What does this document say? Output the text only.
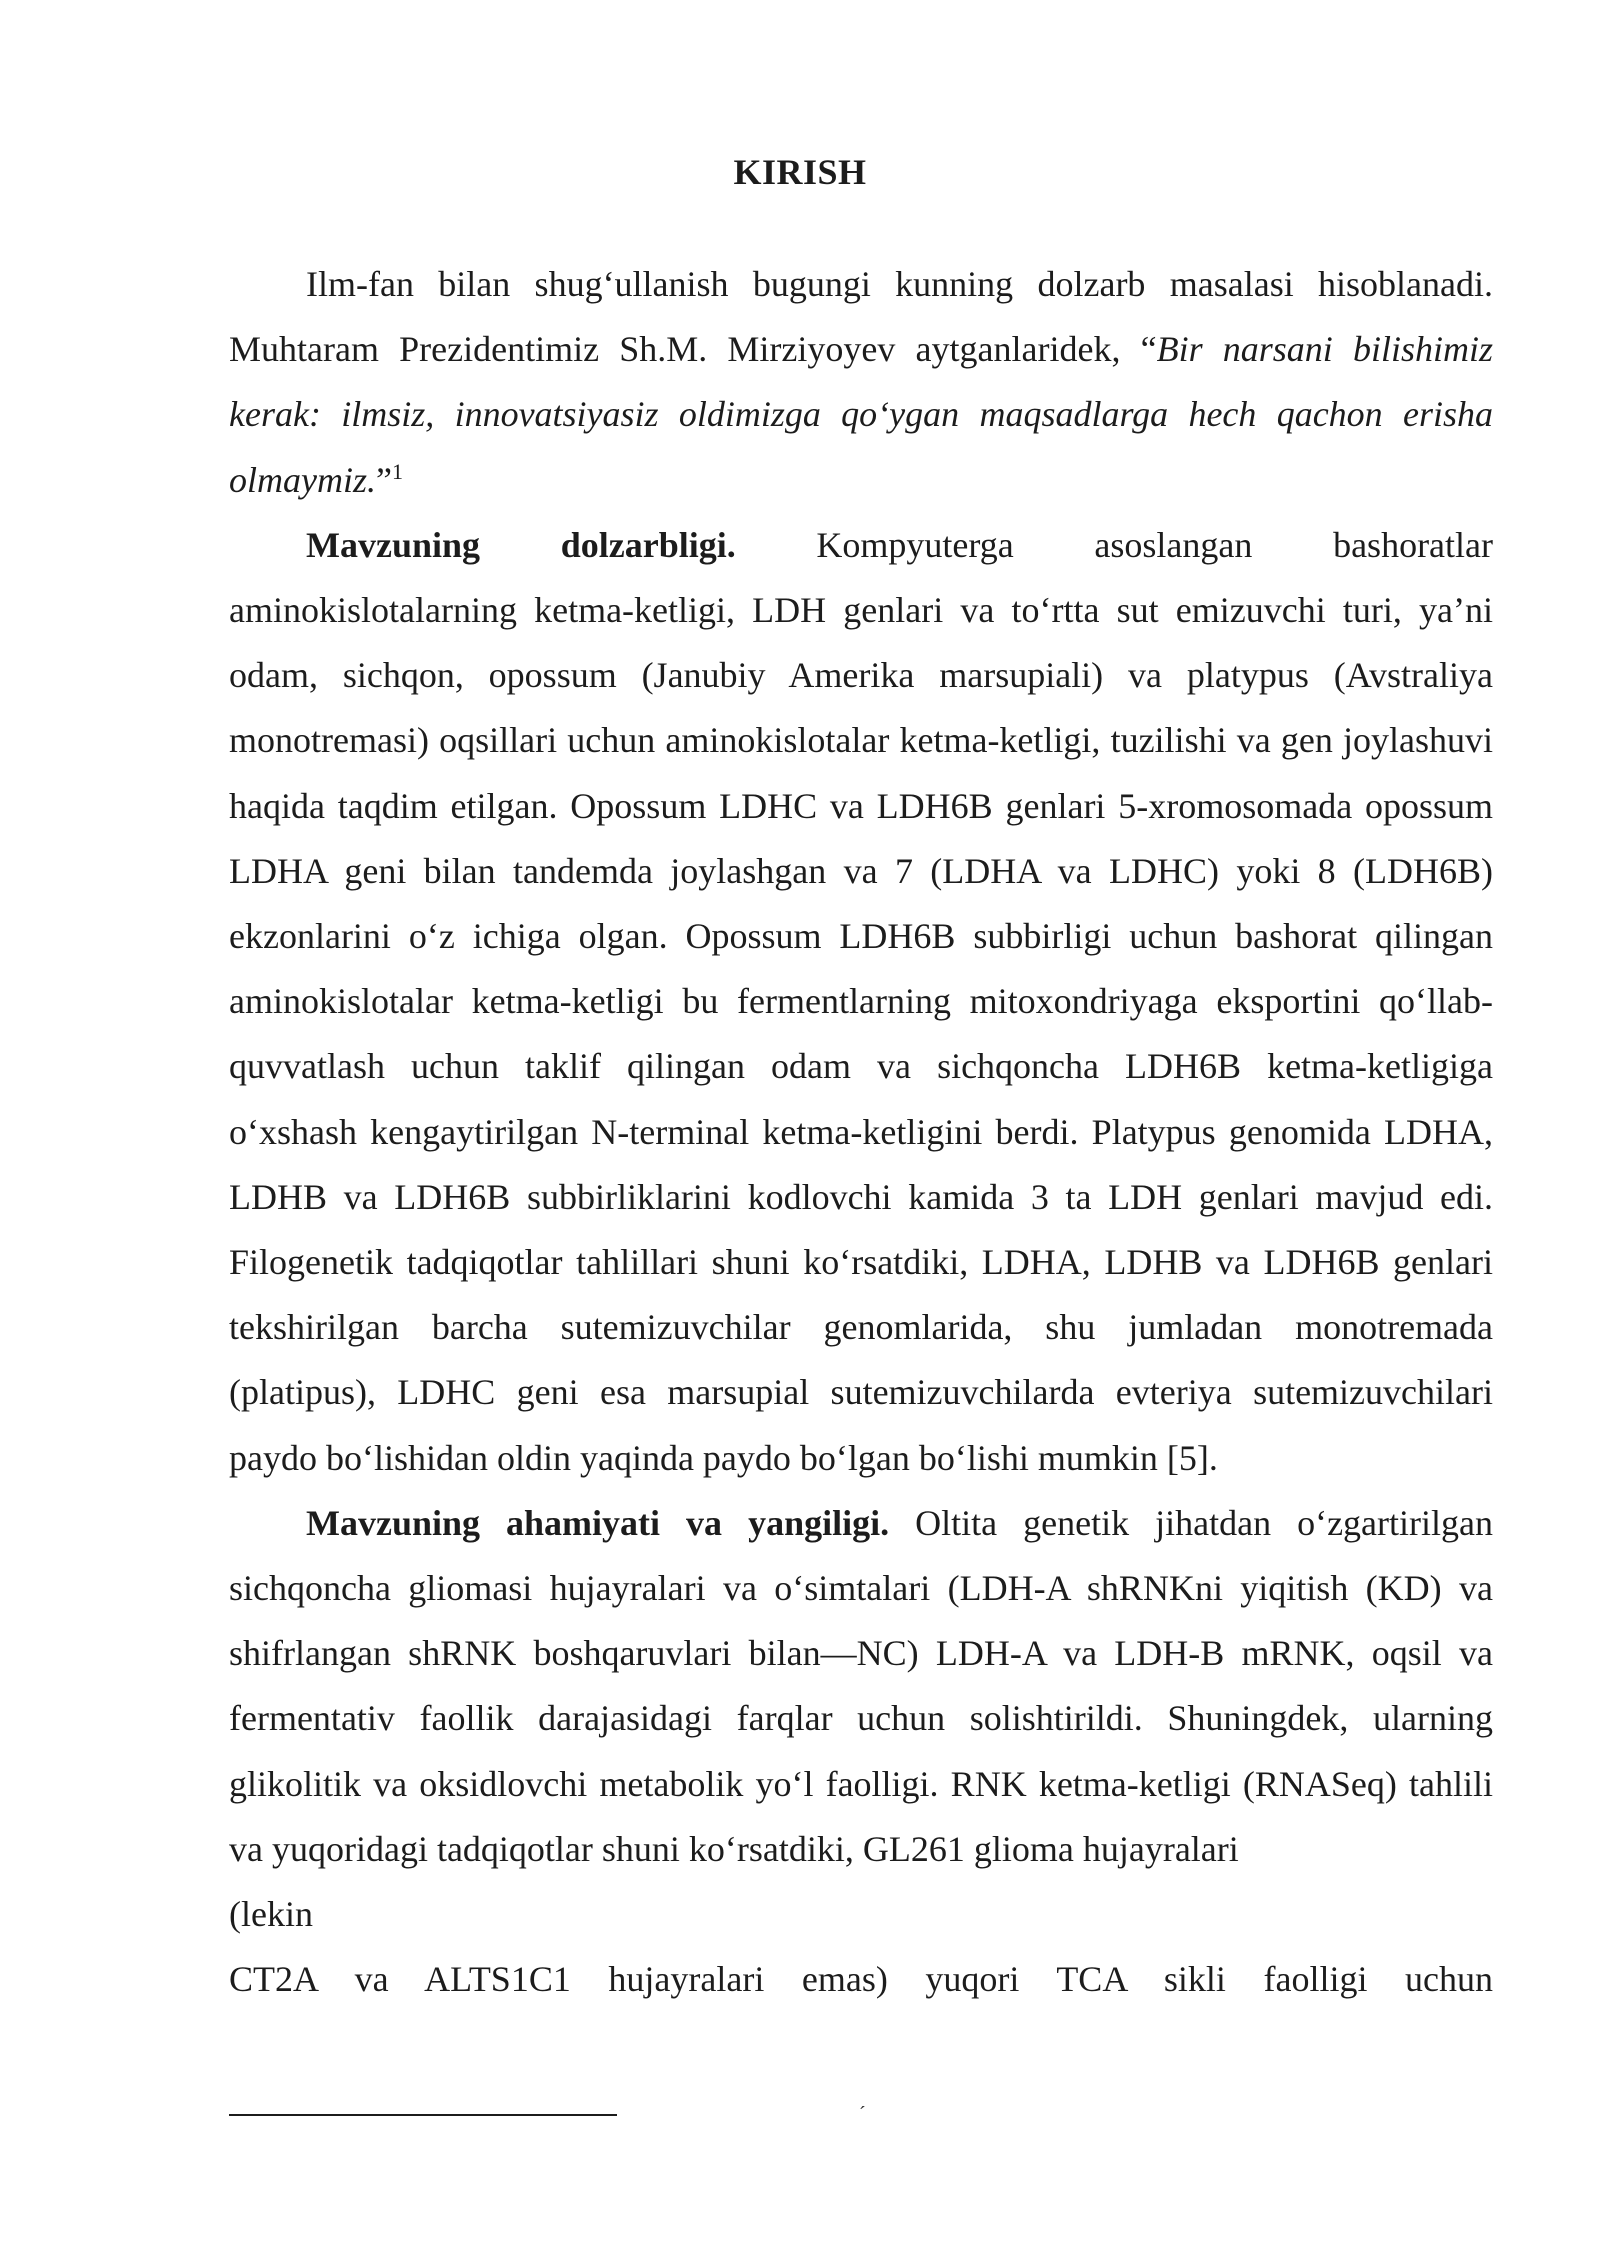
KIRISH

Ilm-fan bilan shug‘ullanish bugungi kunning dolzarb masalasi hisoblanadi. Muhtaram Prezidentimiz Sh.M. Mirziyoyev aytganlaridek, “Bir narsani bilishimiz kerak: ilmsiz, innovatsiyasiz oldimizga qo‘ygan maqsadlarga hech qachon erisha olmaymiz.”$^1$

Mavzuning dolzarbligi. Kompyuterga asoslangan bashoratlar aminokislotalarning ketma-ketligi, LDH genlari va to‘rtta sut emizuvchi turi, ya’ni odam, sichqon, opossum (Janubiy Amerika marsupiali) va platypus (Avstraliya monotremasi) oqsillari uchun aminokislotalar ketma-ketligi, tuzilishi va gen joylashuvi haqida taqdim etilgan. Opossum LDHC va LDH6B genlari 5-xromosomada opossum LDHA geni bilan tandemda joylashgan va 7 (LDHA va LDHC) yoki 8 (LDH6B) ekzonlarini o‘z ichiga olgan. Opossum LDH6B subbirligi uchun bashorat qilingan aminokislotalar ketma-ketligi bu fermentlarning mitoxondriyaga eksportini qo‘llab-quvvatlash uchun taklif qilingan odam va sichqoncha LDH6B ketma-ketligiga o‘xshash kengaytirilgan N-terminal ketma-ketligini berdi. Platypus genomida LDHA, LDHB va LDH6B subbirliklarini kodlovchi kamida 3 ta LDH genlari mavjud edi. Filogenetik tadqiqotlar tahlillari shuni ko‘rsatdiki, LDHA, LDHB va LDH6B genlari tekshirilgan barcha sutemizuvchilar genomlarida, shu jumladan monotremada (platipus), LDHC geni esa marsupial sutemizuvchilarda evteriya sutemizuvchilari paydo bo‘lishidan oldin yaqinda paydo bo‘lgan bo‘lishi mumkin [5].

Mavzuning ahamiyati va yangiligi. Oltita genetik jihatdan o‘zgartirilgan sichqoncha gliomasi hujayralari va o‘simtalari (LDH-A shRNKni yiqitish (KD) va shifrlangan shRNK boshqaruvlari bilan—NC) LDH-A va LDH-B mRNK, oqsil va fermentativ faollik darajasidagi farqlar uchun solishtirildi. Shuningdek, ularning glikolitik va oksidlovchi metabolik yo‘l faolligi. RNK ketma-ketligi (RNASeq) tahlili va yuqoridagi tadqiqotlar shuni ko‘rsatdiki, GL261 glioma hujayralari
(lekin
CT2A va ALTS1C1 hujayralari emas) yuqori TCA sikli faolligi uchun

´
